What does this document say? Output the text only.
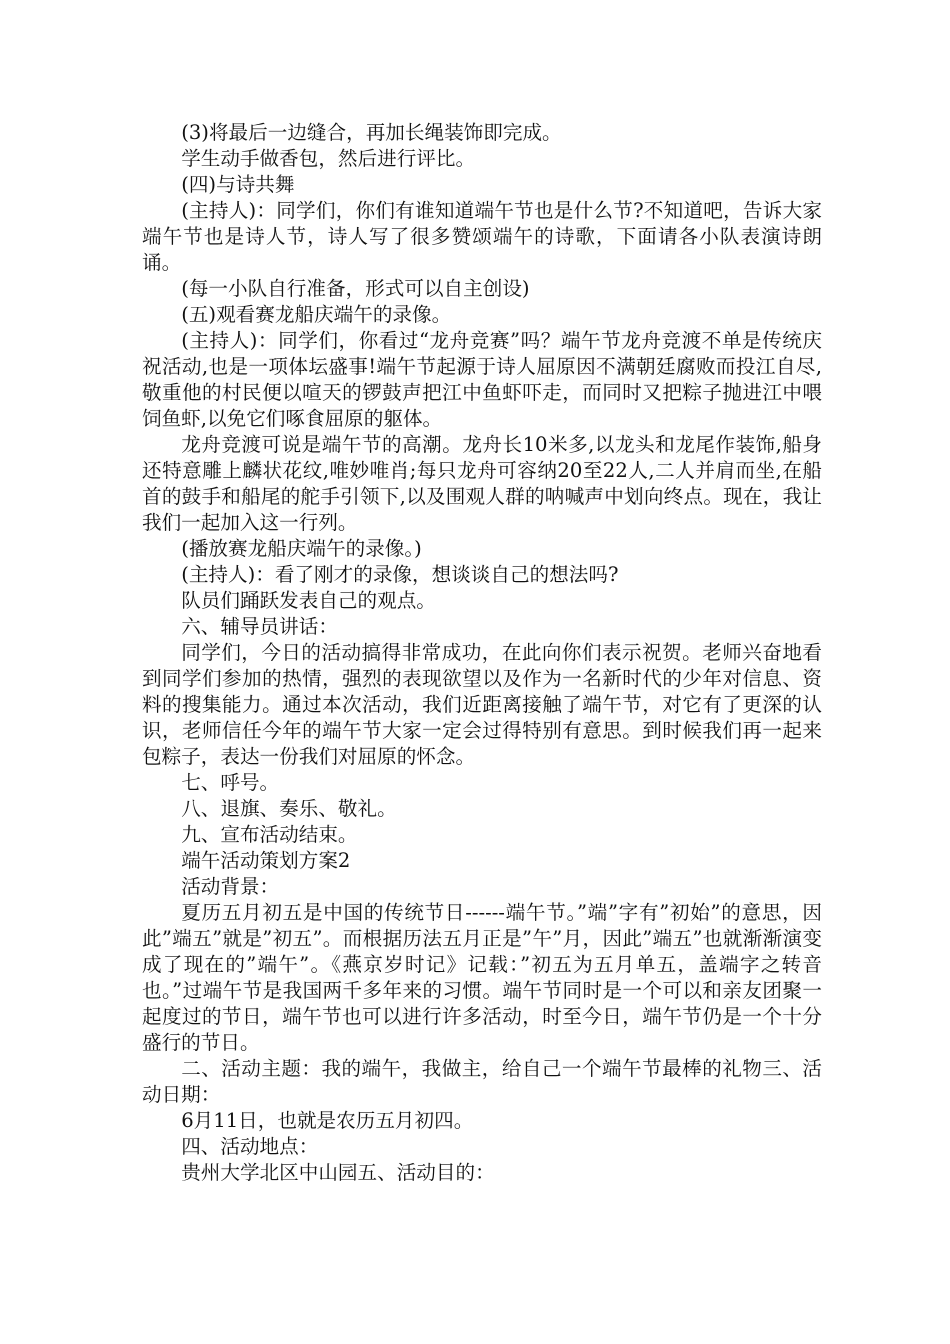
(3)将最后一边缝合，再加长绳装饰即完成。

学生动手做香包，然后进行评比。

(四)与诗共舞

(主持人)：同学们，你们有谁知道端午节也是什么节?不知道吧，告诉大家端午节也是诗人节，诗人写了很多赞颂端午的诗歌，下面请各小队表演诗朗诵。

(每一小队自行准备，形式可以自主创设)

(五)观看赛龙船庆端午的录像。

(主持人)：同学们，你看过“龙舟竞赛”吗？端午节龙舟竞渡不单是传统庆祝活动,也是一项体坛盛事!端午节起源于诗人屈原因不满朝廷腐败而投江自尽,敬重他的村民便以喧天的锣鼓声把江中鱼虾吓走，而同时又把粽子抛进江中喂饲鱼虾,以免它们啄食屈原的躯体。

龙舟竞渡可说是端午节的高潮。龙舟长10米多,以龙头和龙尾作装饰,船身还特意雕上麟状花纹,唯妙唯肖;每只龙舟可容纳20至22人,二人并肩而坐,在船首的鼓手和船尾的舵手引领下,以及围观人群的呐喊声中划向终点。现在，我让我们一起加入这一行列。

(播放赛龙船庆端午的录像。)

(主持人)：看了刚才的录像，想谈谈自己的想法吗?

队员们踊跃发表自己的观点。

六、辅导员讲话：

同学们，今日的活动搞得非常成功，在此向你们表示祝贺。老师兴奋地看到同学们参加的热情，强烈的表现欲望以及作为一名新时代的少年对信息、资料的搜集能力。通过本次活动，我们近距离接触了端午节，对它有了更深的认识，老师信任今年的端午节大家一定会过得特别有意思。到时候我们再一起来包粽子，表达一份我们对屈原的怀念。

七、呼号。

八、退旗、奏乐、敬礼。

九、宣布活动结束。

端午活动策划方案2

活动背景：

夏历五月初五是中国的传统节日------端午节。”端”字有”初始”的意思，因此”端五”就是”初五”。而根据历法五月正是”午”月，因此”端五”也就渐渐演变成了现在的”端午”。《燕京岁时记》记载：”初五为五月单五，盖端字之转音也。”过端午节是我国两千多年来的习惯。端午节同时是一个可以和亲友团聚一起度过的节日，端午节也可以进行许多活动，时至今日，端午节仍是一个十分盛行的节日。

二、活动主题：我的端午，我做主，给自己一个端午节最棒的礼物三、活动日期：

6月11日，也就是农历五月初四。

四、活动地点：

贵州大学北区中山园五、活动目的：
